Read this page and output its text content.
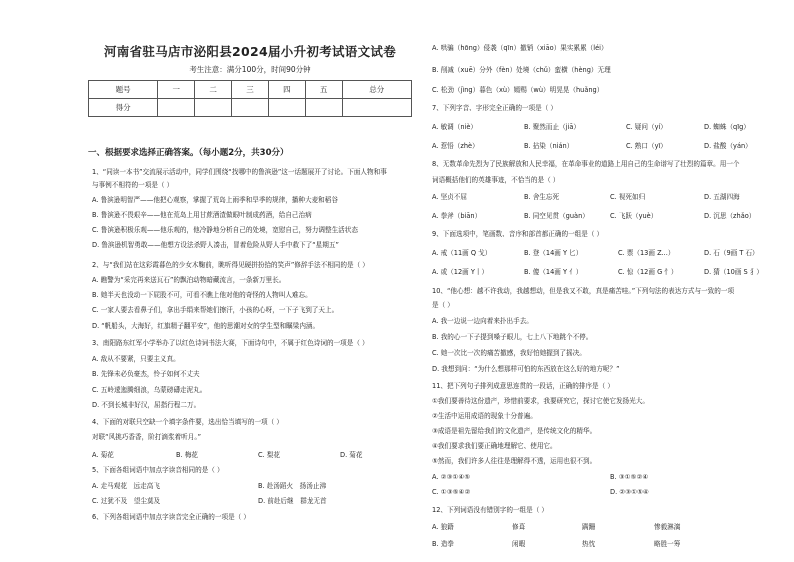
河南省驻马店市泌阳县2024届小升初考试语文试卷
考生注意：满分100分，时间90分钟
题号	一	二	三	四	五	总分
得分						
一、根据要求选择正确答案。（每小题2分，共30分）
1、“同读一本书”交流展示活动中，同学们围绕“找哪中的鲁滨逊”这一话题展开了讨论。下面人物和事
与事例不相符的一项是（ ）
A. 鲁滨逊明智严——他把心观察，掌握了荒岛上雨季和旱季的规律，播种大麦和稻谷
B. 鲁滨逊不畏艰辛——他在荒岛上用甘蔗酒渣做眼叶制成药酒，给自己治病
C. 鲁滨逊积极乐观——他乐观的，他冷静地分析自己的处境，宽慰自己，努力调整生活状态
D. 鲁滨逊机智勇敢——他想方设法杀野人凑击，冒着危险从野人手中救下了“星期五”
2、与“我们站在这彩霞暮色的少女木鞠前，眺听得见硬拼扮拾的笑声”修辞手法不相同的是（ ）
A. 瞧警为“采完再来送瓦石”的飘泊动物暗藏流言，一条新万里长。
B. 她半天也没动一下屁股不可，可看不瞧上他对他的奇怪的人物叫人难忘。
C. 一家人要去看鼻子们，拿出手绢来帮她们擦汗，小孩的心呀，一下子飞到了天上。
D. “帆船头，大海好，红旗精子翻平安”，他的思潮对女的学生型和瞩梁内涵。
3、南阳路东红军小学举办了以红色诗词书法大赛，下面诗句中，不属于红色诗词的一项是（ ）
A. 敌从不要紧，只要主义真。
B. 先锋未必负豪杰，怜子如何不丈夫
C. 五岭逶迤腾细浪，乌蒙磅礴走泥丸。
D. 不到长城非好汉，屈指行程二万。
4、下面的对联只空缺一个填字条件要，选出恰当填写的一项（ ）
对联“风挑巧香香，阶打滴浆着听月。”
A. 菊花	B. 梅花	C. 梨花	D. 菊花
5、下面各组词语中加点字读音相同的是（ ）
A. 走马观花　远走高飞	B. 赴汤蹈火　扬汤止沸
C. 过犹不及　望尘莫及	D. 前赴后继　群龙无首
6、下列各组词语中加点字读音完全正确的一项是（ ）
A. 哄骗（hōng）侵袭（qīn）撤销（xiāo）果实累累（léi）
B. 削减（xuē）分外（fèn）处境（chǔ）蛮横（hèng）无理
C. 松劲（jìng）暮色（xù）嫣赐（wù）明晃晃（huǎng）
7、下列字音、字形完全正确的一项是（ ）
A. 敏调（niè）	B. 聚然而止（jiā）	C. 疑问（yí）	D. 蜘蛛（qīg）
A. 惹悟（zhè）	B. 拈染（nián）	C. 熟口（yī）	D. 盐酸（yán）
8、无数革命先烈为了民族解放和人民幸福，在革命事业的道路上用自己的生命谱写了壮烈的篇章。用一个
词语概括他们的英雄事迹，不恰当的是（ ）
A. 坚贞不屈	B. 舍生忘死	C. 视死如归	D. 五湖四海
A. 拳斧（biān）	B. 同空见贯（guàn）	C. 飞跃（yuè）	D. 沉思（zhǎo）
9、下面选项中，笔画数、音序和部首都正确的一组是（ ）
A. 戒（11画 Q 戈）	B. 登（14画 Y 匕）	C. 票（13画 Z...）	D. 石（9画 T 石）
A. 或（12画 Y丨）	B. 傻（14画 Y 亻）	C. 惊（12画 G 忄）	D. 猜（10画 S 犭）
10、“他心想：越不许我动，我越想动，但是我又不敢，真是痛苦哇。”下列句法的表达方式与一致的一项
是（ ）
A. 我一边说一边向着来扑出手去。
B. 我的心一下子提到嗓子眼儿，七上八下地跳个不停。
C. 她一次比一次的痛苦撤感，我好怕她握到了摇决。
D. 我想到问：“为什么想那样可怕的东西放在这么好的地方呢？”
11、把下列句子排列成意思连贯的一段话，正确的排序是（ ）
①我们要善待这份遗产，珍惜前要求，我要研究它，探讨它使它发扬光大。
②生活中运用成语的现象十分普遍。
③成语是祖先留给我们的文化遗产，是传统文化的精华。
④我们要求我们要正确地理解它、使用它。
⑤然而，我们许多人往往是理解得不透，运用也很不到。
A. ②③①④⑤	B. ③①⑤②④
C. ①③⑤④②	D. ②③①⑤④
12、下列词语没有错别字的一组是（ ）
A. 狼籍	修葺	蹒跚	惨毅淋漓
B. 造拳	闲暇	热忱	略胜一筹
